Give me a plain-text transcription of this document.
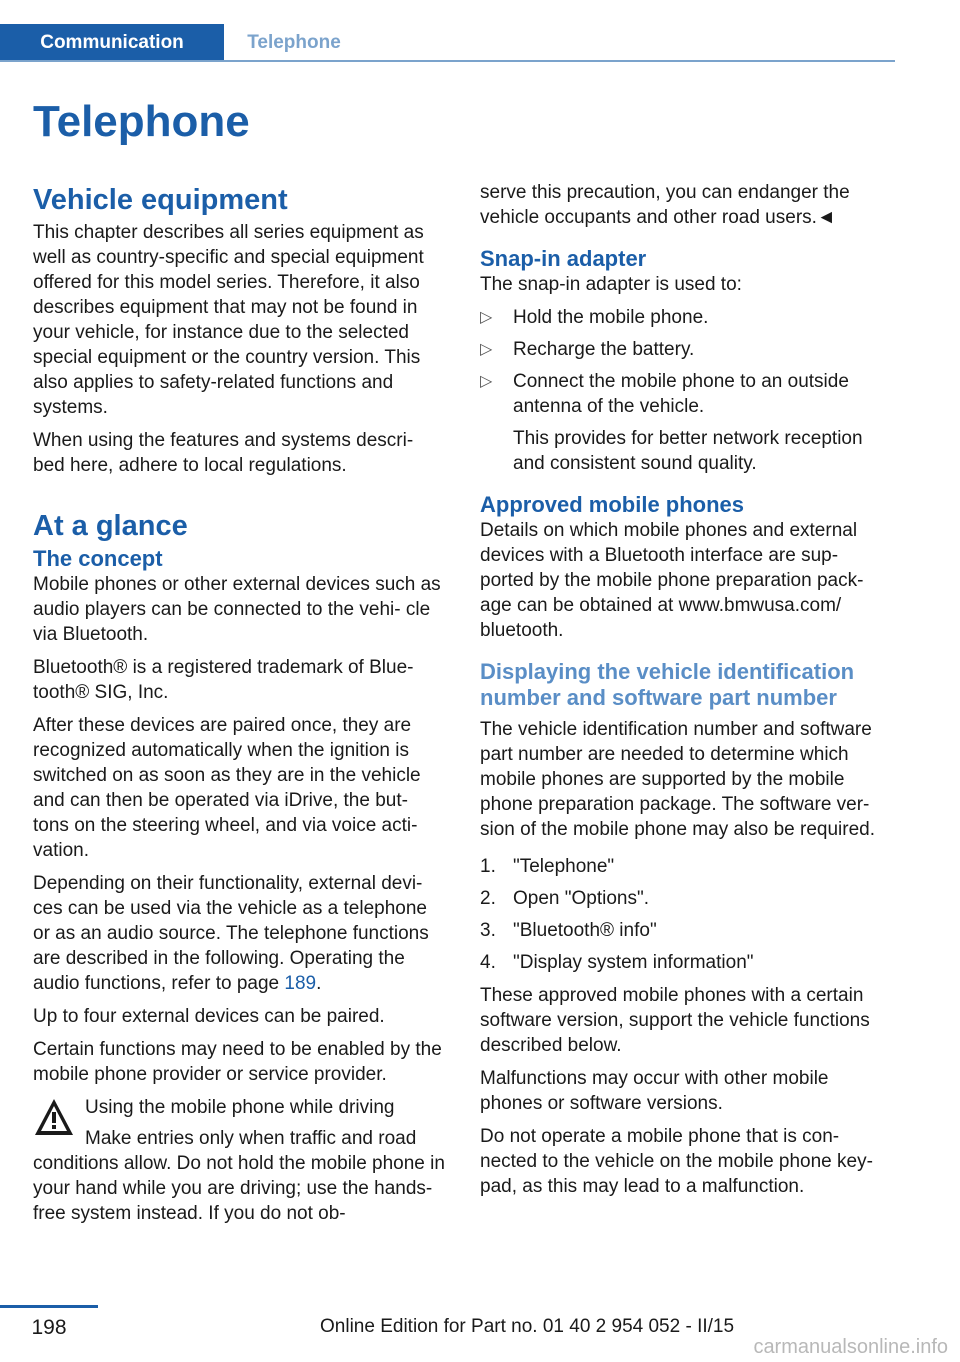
Communication	Telephone
Telephone
Vehicle equipment

This chapter describes all series equipment as well as country-specific and special equipment offered for this model series. Therefore, it also describes equipment that may not be found in your vehicle, for instance due to the selected special equipment or the country version. This also applies to safety-related functions and systems.

When using the features and systems descri‐ bed here, adhere to local regulations.

At a glance
The concept

Mobile phones or other external devices such as audio players can be connected to the vehi‐ cle via Bluetooth.

Bluetooth® is a registered trademark of Blue‐ tooth® SIG, Inc.

After these devices are paired once, they are recognized automatically when the ignition is switched on as soon as they are in the vehicle and can then be operated via iDrive, the but‐ tons on the steering wheel, and via voice acti‐ vation.

Depending on their functionality, external devi‐ ces can be used via the vehicle as a telephone or as an audio source. The telephone functions are described in the following. Operating the audio functions, refer to page 189.

Up to four external devices can be paired.

Certain functions may need to be enabled by the mobile phone provider or service provider.

Using the mobile phone while driving

Make entries only when traffic and road conditions allow. Do not hold the mobile phone in your hand while you are driving; use the hands-free system instead. If you do not ob‐

serve this precaution, you can endanger the vehicle occupants and other road users.◄

Snap-in adapter

The snap-in adapter is used to:

▷ Hold the mobile phone.
▷ Recharge the battery.
▷ Connect the mobile phone to an outside antenna of the vehicle.

This provides for better network reception and consistent sound quality.

Approved mobile phones

Details on which mobile phones and external devices with a Bluetooth interface are sup‐ ported by the mobile phone preparation pack‐ age can be obtained at www.bmwusa.com/ bluetooth.

Displaying the vehicle identification number and software part number

The vehicle identification number and software part number are needed to determine which mobile phones are supported by the mobile phone preparation package. The software ver‐ sion of the mobile phone may also be required.

1. "Telephone"
2. Open "Options".
3. "Bluetooth® info"
4. "Display system information"

These approved mobile phones with a certain software version, support the vehicle functions described below.

Malfunctions may occur with other mobile phones or software versions.

Do not operate a mobile phone that is con‐ nected to the vehicle on the mobile phone key‐ pad, as this may lead to a malfunction.

198	Online Edition for Part no. 01 40 2 954 052 - II/15
carmanualsonline.info
